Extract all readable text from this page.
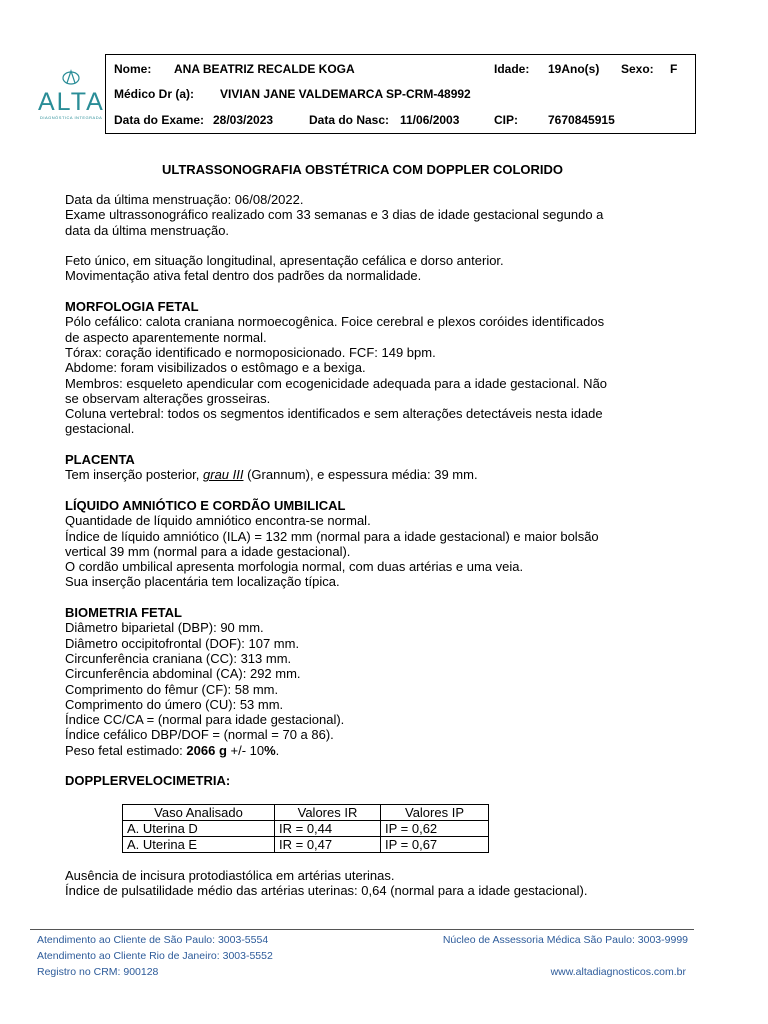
ALTA
DIAGNÓSTICA INTEGRADA
Nome: ANA BEATRIZ RECALDE KOGA	Idade: 19Ano(s) Sexo: F
Médico Dr (a): VIVIAN JANE VALDEMARCA SP-CRM-48992
Data do Exame: 28/03/2023	Data do Nasc: 11/06/2003	CIP:	7670845915
ULTRASSONOGRAFIA OBSTÉTRICA COM DOPPLER COLORIDO

Data da última menstruação: 06/08/2022.

Exame ultrassonográfico realizado com 33 semanas e 3 dias de idade gestacional segundo a

data da última menstruação.

Feto único, em situação longitudinal, apresentação cefálica e dorso anterior.

Movimentação ativa fetal dentro dos padrões da normalidade.

MORFOLOGIA FETAL

Pólo cefálico: calota craniana normoecogênica. Foice cerebral e plexos coróides identificados

de aspecto aparentemente normal.

Tórax: coração identificado e normoposicionado. FCF: 149 bpm.

Abdome: foram visibilizados o estômago e a bexiga.

Membros: esqueleto apendicular com ecogenicidade adequada para a idade gestacional. Não

se observam alterações grosseiras.

Coluna vertebral: todos os segmentos identificados e sem alterações detectáveis nesta idade

gestacional.

PLACENTA

Tem inserção posterior, grau III (Grannum), e espessura média: 39 mm.

LÍQUIDO AMNIÓTICO E CORDÃO UMBILICAL

Quantidade de líquido amniótico encontra-se normal.

Índice de líquido amniótico (ILA) = 132 mm (normal para a idade gestacional) e maior bolsão

vertical 39 mm (normal para a idade gestacional).

O cordão umbilical apresenta morfologia normal, com duas artérias e uma veia.

Sua inserção placentária tem localização típica.

BIOMETRIA FETAL

Diâmetro biparietal (DBP): 90 mm.

Diâmetro occipitofrontal (DOF): 107 mm.

Circunferência craniana (CC): 313 mm.

Circunferência abdominal (CA): 292 mm.

Comprimento do fêmur (CF): 58 mm.

Comprimento do úmero (CU): 53 mm.

Índice CC/CA = (normal para idade gestacional).

Índice cefálico DBP/DOF = (normal = 70 a 86).

Peso fetal estimado: 2066 g +/- 10%.

DOPPLERVELOCIMETRIA:

Vaso Analisado	Valores IR	Valores IP
A. Uterina D	IR = 0,44	IP = 0,62
A. Uterina E	IR = 0,47	IP = 0,67

Ausência de incisura protodiastólica em artérias uterinas.

Índice de pulsatilidade médio das artérias uterinas: 0,64 (normal para a idade gestacional).

Atendimento ao Cliente de São Paulo: 3003-5554
Atendimento ao Cliente Rio de Janeiro: 3003-5552
Registro no CRM: 900128
Núcleo de Assessoria Médica São Paulo: 3003-9999
www.altadiagnosticos.com.br
